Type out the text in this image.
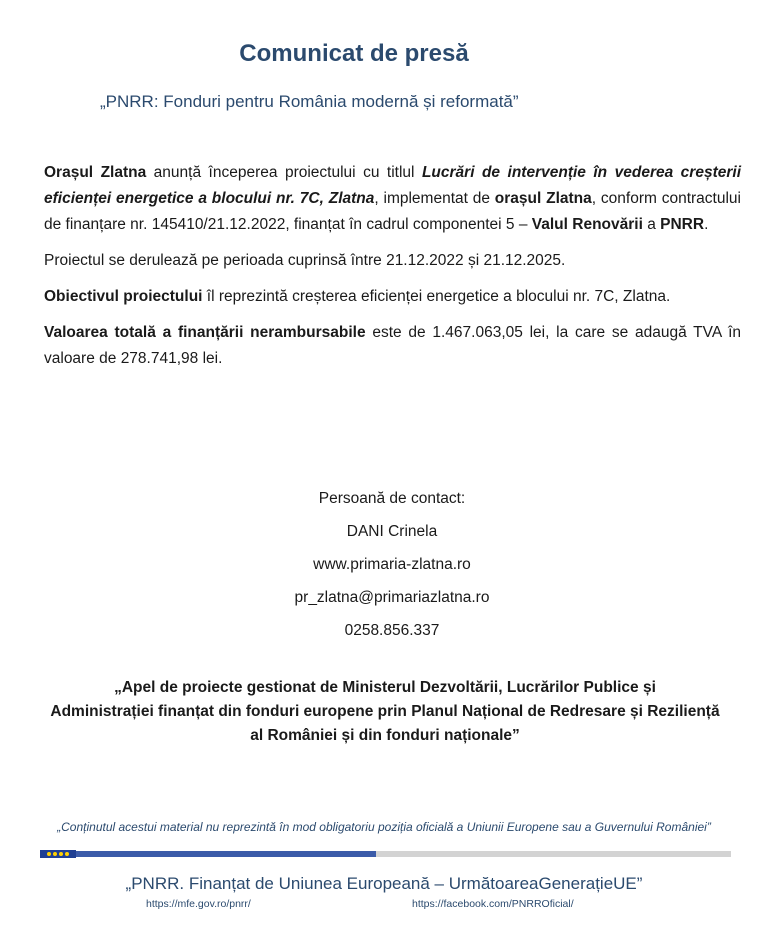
Comunicat de presă
„PNRR: Fonduri pentru România modernă și reformată”

Orașul Zlatna anunță începerea proiectului cu titlul Lucrări de intervenție în vederea creșterii eficienței energetice a blocului nr. 7C, Zlatna, implementat de orașul Zlatna, conform contractului de finanțare nr. 145410/21.12.2022, finanțat în cadrul componentei 5 – Valul Renovării a PNRR.

Proiectul se derulează pe perioada cuprinsă între 21.12.2022 și 21.12.2025.

Obiectivul proiectului îl reprezintă creșterea eficienței energetice a blocului nr. 7C, Zlatna.

Valoarea totală a finanțării nerambursabile este de 1.467.063,05 lei, la care se adaugă TVA în valoare de 278.741,98 lei.

Persoană de contact:
DANI Crinela
www.primaria-zlatna.ro
pr_zlatna@primariazlatna.ro
0258.856.337
„Apel de proiecte gestionat de Ministerul Dezvoltării, Lucrărilor Publice și
Administrației finanțat din fonduri europene prin Planul Național de Redresare și Reziliență
al României și din fonduri naționale”
„Conținutul acestui material nu reprezintă în mod obligatoriu poziția oficială a Uniunii Europene sau a Guvernului României”
„PNRR. Finanțat de Uniunea Europeană – UrmătoareaGenerațieUE”
https://mfe.gov.ro/pnrr/	https://facebook.com/PNRROficial/
